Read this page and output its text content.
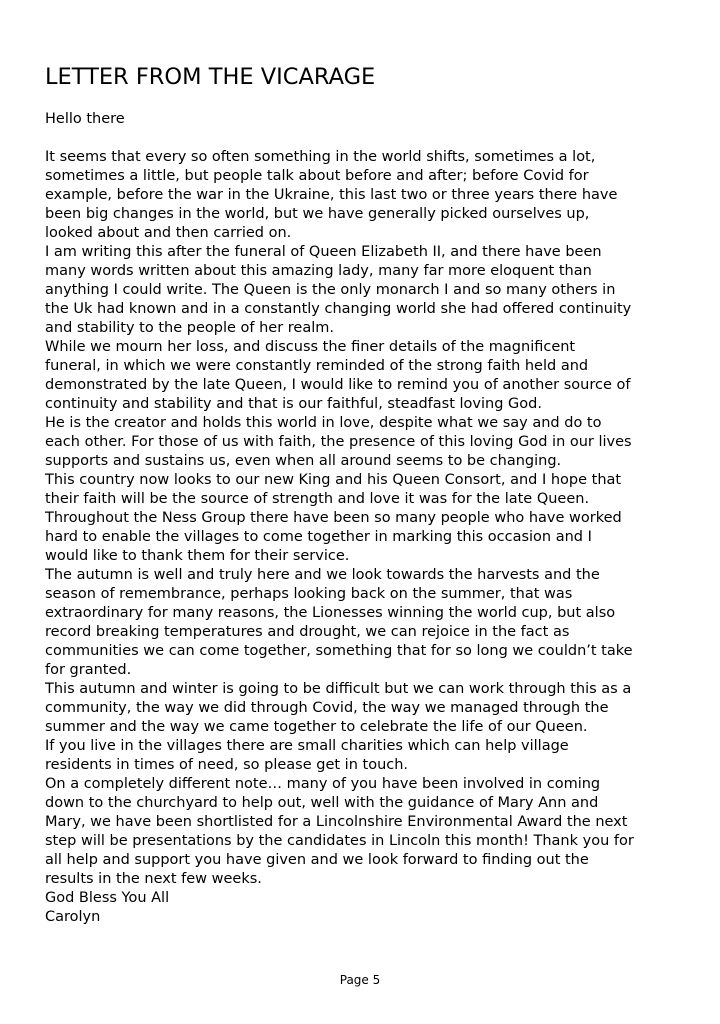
LETTER FROM THE VICARAGE
Hello there
It seems that every so often something in the world shifts, sometimes a lot,
sometimes a little, but people talk about before and after; before Covid for
example, before the war in the Ukraine, this last two or three years there have
been big changes in the world, but we have generally picked ourselves up,
looked about and then carried on.
I am writing this after the funeral of Queen Elizabeth II, and there have been
many words written about this amazing lady, many far more eloquent than
anything I could write. The Queen is the only monarch I and so many others in
the Uk had known and in a constantly changing world she had offered continuity
and stability to the people of her realm.
While we mourn her loss, and discuss the finer details of the magnificent
funeral, in which we were constantly reminded of the strong faith held and
demonstrated by the late Queen, I would like to remind you of another source of
continuity and stability and that is our faithful, steadfast loving God.
He is the creator and holds this world in love, despite what we say and do to
each other. For those of us with faith, the presence of this loving God in our lives
supports and sustains us, even when all around seems to be changing.
This country now looks to our new King and his Queen Consort, and I hope that
their faith will be the source of strength and love it was for the late Queen.
Throughout the Ness Group there have been so many people who have worked
hard to enable the villages to come together in marking this occasion and I
would like to thank them for their service.
The autumn is well and truly here and we look towards the harvests and the
season of remembrance, perhaps looking back on the summer, that was
extraordinary for many reasons, the Lionesses winning the world cup, but also
record breaking temperatures and drought, we can rejoice in the fact as
communities we can come together, something that for so long we couldn’t take
for granted.
This autumn and winter is going to be difficult but we can work through this as a
community, the way we did through Covid, the way we managed through the
summer and the way we came together to celebrate the life of our Queen.
If you live in the villages there are small charities which can help village
residents in times of need, so please get in touch.
On a completely different note… many of you have been involved in coming
down to the churchyard to help out, well with the guidance of Mary Ann and
Mary, we have been shortlisted for a Lincolnshire Environmental Award the next
step will be presentations by the candidates in Lincoln this month! Thank you for
all help and support you have given and we look forward to finding out the
results in the next few weeks.
God Bless You All
Carolyn
Page 5
